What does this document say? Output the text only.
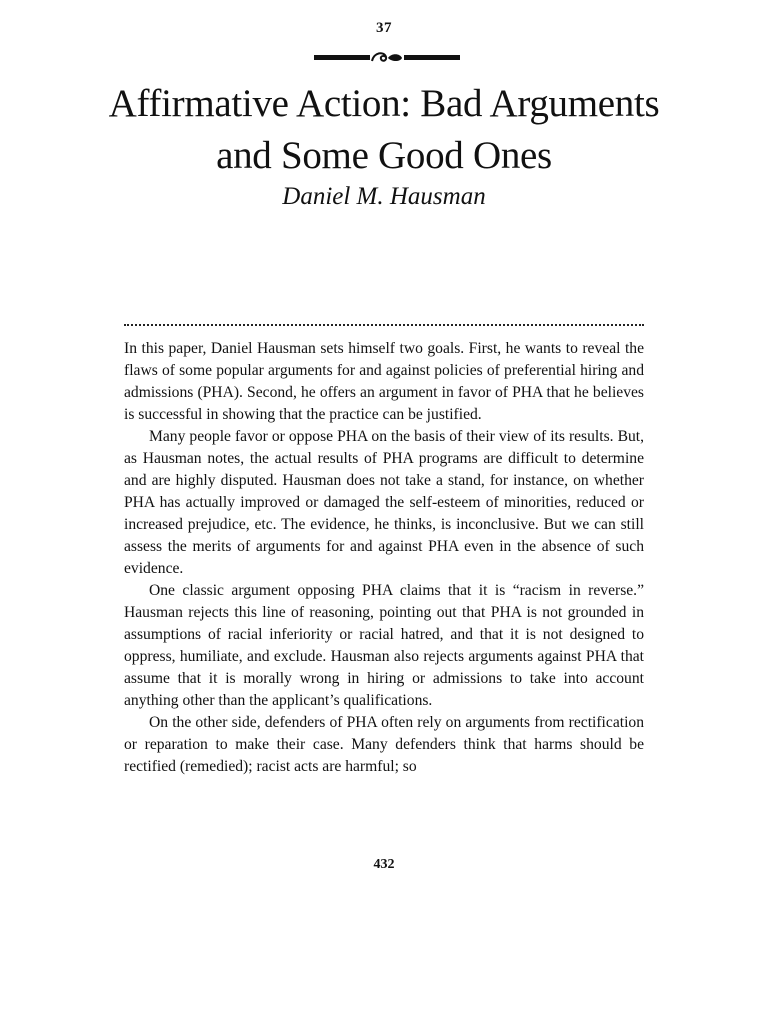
37
Affirmative Action: Bad Arguments
and Some Good Ones
Daniel M. Hausman

In this paper, Daniel Hausman sets himself two goals. First, he wants to reveal the flaws of some popular arguments for and against policies of preferential hiring and admissions (PHA). Second, he offers an argument in favor of PHA that he believes is successful in showing that the practice can be justified.

Many people favor or oppose PHA on the basis of their view of its results. But, as Hausman notes, the actual results of PHA programs are difficult to determine and are highly disputed. Hausman does not take a stand, for instance, on whether PHA has actually improved or damaged the self-esteem of minorities, reduced or increased prejudice, etc. The evidence, he thinks, is inconclusive. But we can still assess the merits of arguments for and against PHA even in the absence of such evidence.

One classic argument opposing PHA claims that it is “racism in reverse.” Hausman rejects this line of reasoning, pointing out that PHA is not grounded in assumptions of racial inferiority or racial hatred, and that it is not designed to oppress, humiliate, and exclude. Hausman also rejects arguments against PHA that assume that it is morally wrong in hiring or admissions to take into account anything other than the applicant’s qualifications.

On the other side, defenders of PHA often rely on arguments from rectification or reparation to make their case. Many defenders think that harms should be rectified (remedied); racist acts are harmful; so

432
